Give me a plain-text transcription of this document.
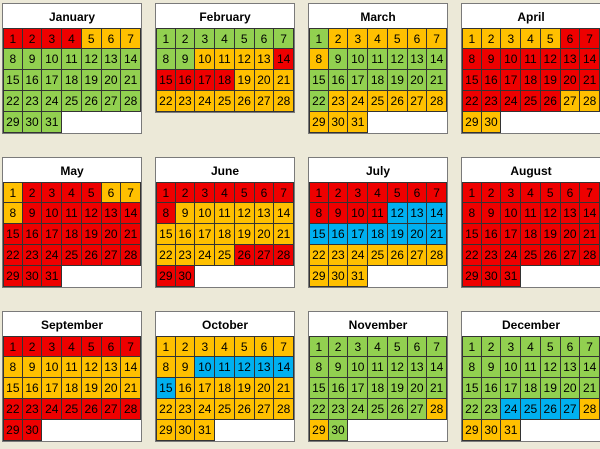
January
1	2	3	4	5	6	7
8	9 10 11 12 13 14
15 16 17 18 19 20 21
22 23 24 25 26 27 28
29 30 31
February
1	2	3	4	5	6	7
8	9 10 11 12 13 14
15 16 17 18 19 20 21
22 23 24 25 26 27 28
March
1	2	3	4	5	6	7
8	9 10 11 12 13 14
15 16 17 18 19 20 21
22 23 24 25 26 27 28
29 30 31
April
1	2	3	4	5	6	7
8	9 10 11 12 13 14
15 16 17 18 19 20 21
22 23 24 25 26 27 28
29 30
May
1	2	3	4	5	6	7
8	9 10 11 12 13 14
15 16 17 18 19 20 21
22 23 24 25 26 27 28
29 30 31
June
1	2	3	4	5	6	7
8	9 10 11 12 13 14
15 16 17 18 19 20 21
22 23 24 25 26 27 28
29 30
July
1	2	3	4	5	6	7
8	9 10 11 12 13 14
15 16 17 18 19 20 21
22 23 24 25 26 27 28
29 30 31
August
1	2	3	4	5	6	7
8	9 10 11 12 13 14
15 16 17 18 19 20 21
22 23 24 25 26 27 28
29 30 31
September
1	2	3	4	5	6	7
8	9 10 11 12 13 14
15 16 17 18 19 20 21
22 23 24 25 26 27 28
29 30
October
1	2	3	4	5	6	7
8	9 10 11 12 13 14
15 16 17 18 19 20 21
22 23 24 25 26 27 28
29 30 31
November
1	2	3	4	5	6	7
8	9 10 11 12 13 14
15 16 17 18 19 20 21
22 23 24 25 26 27 28
29 30
December
1	2	3	4	5	6	7
8	9 10 11 12 13 14
15 16 17 18 19 20 21
22 23 24 25 26 27 28
29 30 31
